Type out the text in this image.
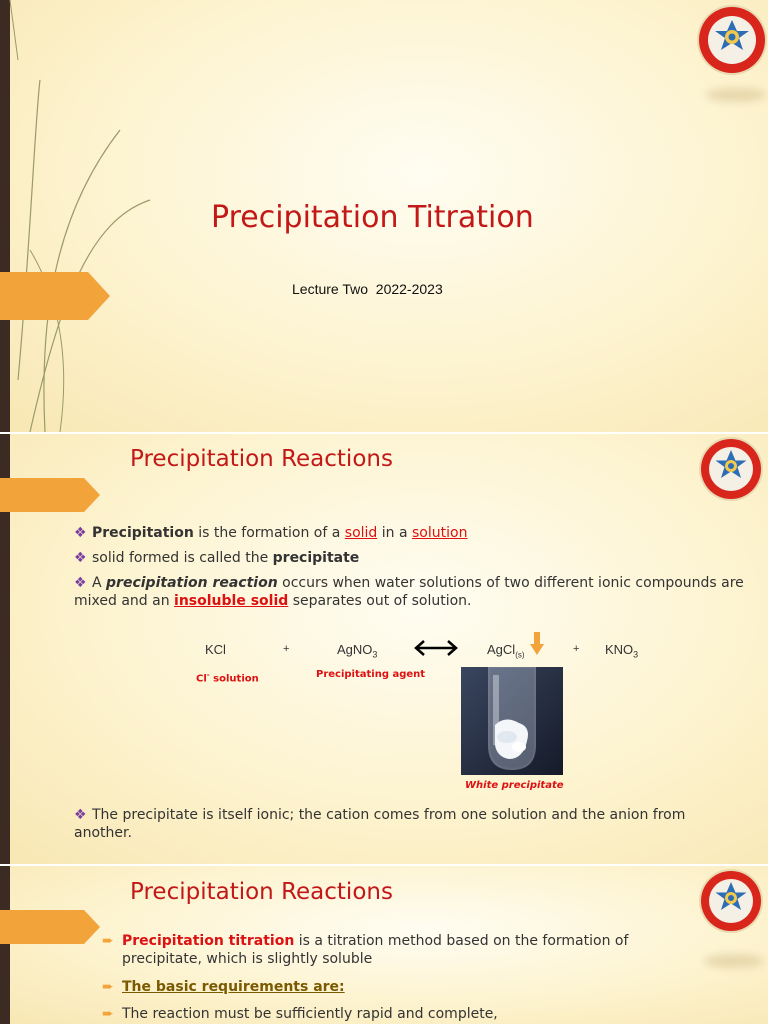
Precipitation Titration
Lecture Two  2022-2023
Precipitation Reactions
❖ Precipitation is the formation of a solid in a solution
❖ solid formed is called the precipitate
❖ A precipitation reaction occurs when water solutions of two different ionic compounds are mixed and an insoluble solid separates out of solution.
KCl	+	AgNO$_3$	AgCl$_{(s)}$
+ $KNO_3$
Cl- solution	Precipitating agent
White precipitate
❖ The precipitate is itself ionic; the cation comes from one solution and the anion from another.
Precipitation Reactions
➨ Precipitation titration is a titration method based on the formation of precipitate, which is slightly soluble
➨ The basic requirements are:
➨ The reaction must be sufficiently rapid and complete,
